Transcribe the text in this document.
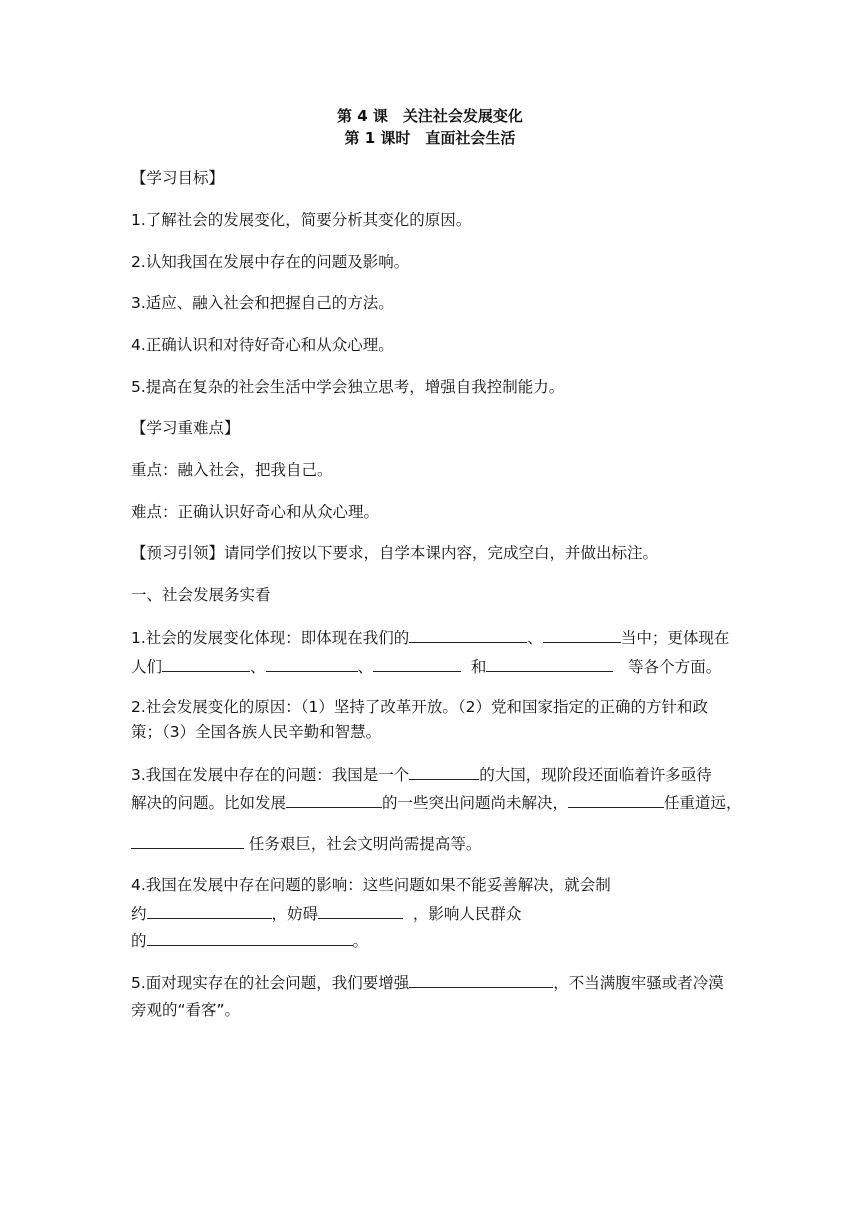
第 4 课　关注社会发展变化
第 1 课时　直面社会生活
【学习目标】
1.了解社会的发展变化，简要分析其变化的原因。
2.认知我国在发展中存在的问题及影响。
3.适应、融入社会和把握自己的方法。
4.正确认识和对待好奇心和从众心理。
5.提高在复杂的社会生活中学会独立思考，增强自我控制能力。
【学习重难点】
重点：融入社会，把我自己。
难点：正确认识好奇心和从众心理。
【预习引领】请同学们按以下要求，自学本课内容，完成空白，并做出标注。
一、社会发展务实看
1.社会的发展变化体现：即体现在我们的	、	当中；更体现在
人们	、	、	和	等各个方面。
2.社会发展变化的原因：（1）坚持了改革开放。（2）党和国家指定的正确的方针和政
策；（3）全国各族人民辛勤和智慧。
3.我国在发展中存在的问题：我国是一个	的大国，现阶段还面临着许多亟待
解决的问题。比如发展	的一些突出问题尚未解决，	任重道远，
任务艰巨，社会文明尚需提高等。
4.我国在发展中存在问题的影响：这些问题如果不能妥善解决，就会制
约	，妨碍	，影响人民群众
的	。
5.面对现实存在的社会问题，我们要增强	，不当满腹牢骚或者冷漠
旁观的“看客”。
